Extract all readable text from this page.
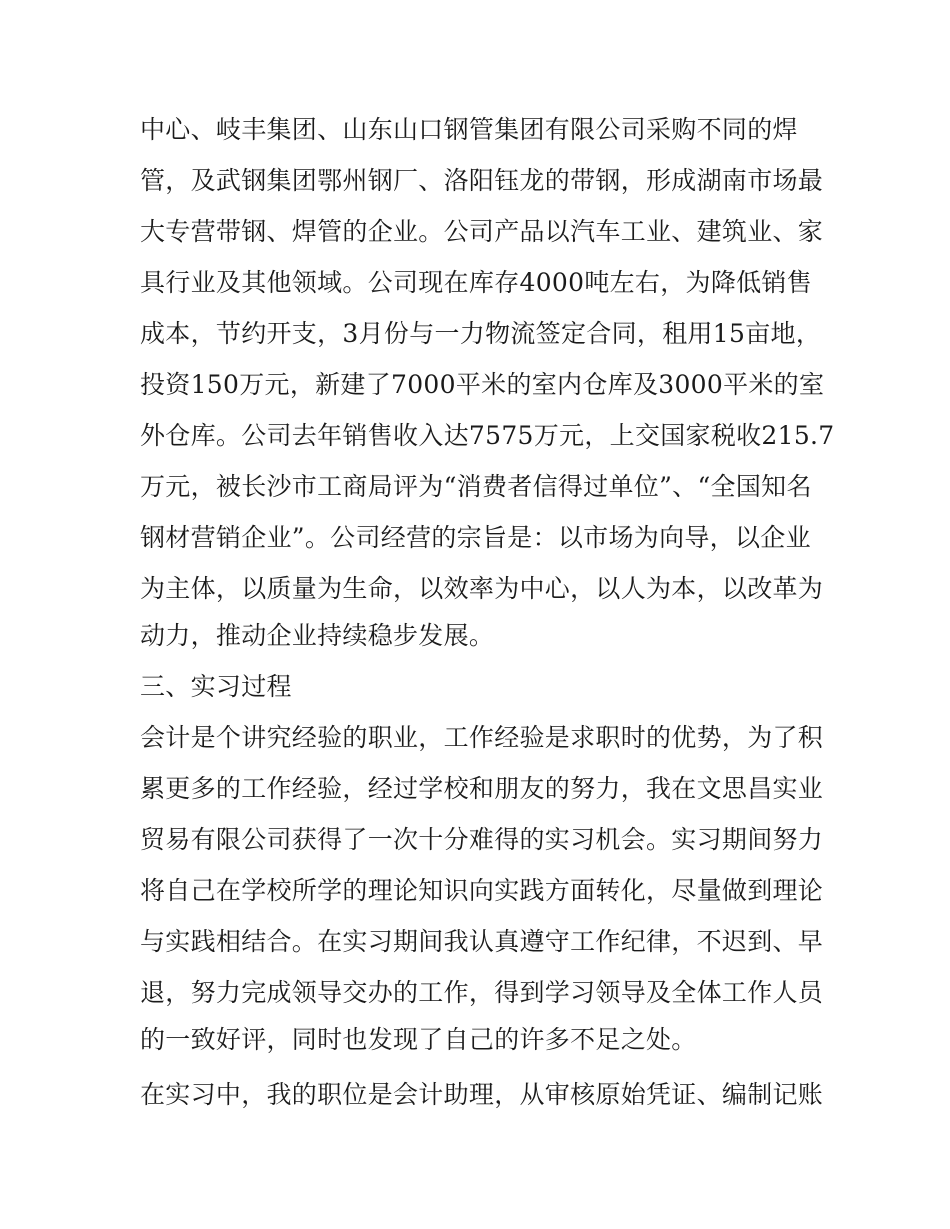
中心、岐丰集团、山东山口钢管集团有限公司采购不同的焊
管，及武钢集团鄂州钢厂、洛阳钰龙的带钢，形成湖南市场最
大专营带钢、焊管的企业。公司产品以汽车工业、建筑业、家
具行业及其他领域。公司现在库存4000吨左右，为降低销售
成本，节约开支，3月份与一力物流签定合同，租用15亩地，
投资150万元，新建了7000平米的室内仓库及3000平米的室
外仓库。公司去年销售收入达7575万元，上交国家税收215.7
万元，被长沙市工商局评为“消费者信得过单位”、“全国知名
钢材营销企业”。公司经营的宗旨是：以市场为向导，以企业
为主体，以质量为生命，以效率为中心，以人为本，以改革为
动力，推动企业持续稳步发展。
三、实习过程
会计是个讲究经验的职业，工作经验是求职时的优势，为了积
累更多的工作经验，经过学校和朋友的努力，我在文思昌实业
贸易有限公司获得了一次十分难得的实习机会。实习期间努力
将自己在学校所学的理论知识向实践方面转化，尽量做到理论
与实践相结合。在实习期间我认真遵守工作纪律，不迟到、早
退，努力完成领导交办的工作，得到学习领导及全体工作人员
的一致好评，同时也发现了自己的许多不足之处。
在实习中，我的职位是会计助理，从审核原始凭证、编制记账
